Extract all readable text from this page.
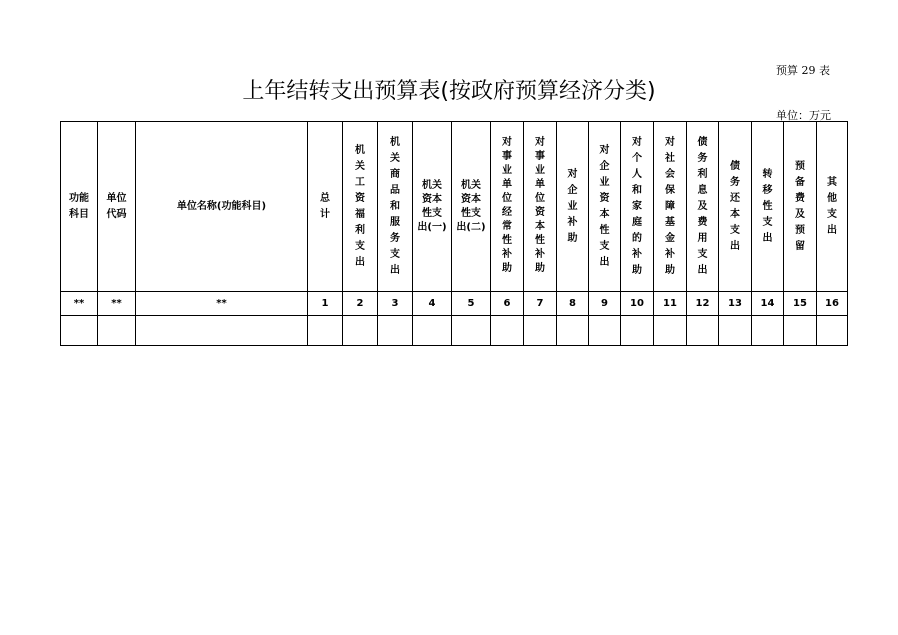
预算 29 表
上年结转支出预算表(按政府预算经济分类)
单位：万元
功能科目	单位代码	单位名称(功能科目)	总计	机关工资福利支出	机关商品和服务支出	机关
资本
性支
出(一)	机关
资本
性支
出(二)	对事业单位经常性补助	对事业单位资本性补助	对企业补助	对企业资本性支出	对个人和家庭的补助	对社会保障基金补助	债务利息及费用支出	债务还本支出	转移性支出	预备费及预留	其他支出
**	**	**	1	2	3	4	5	6	7	8	9	10	11	12	13	14	15	16
